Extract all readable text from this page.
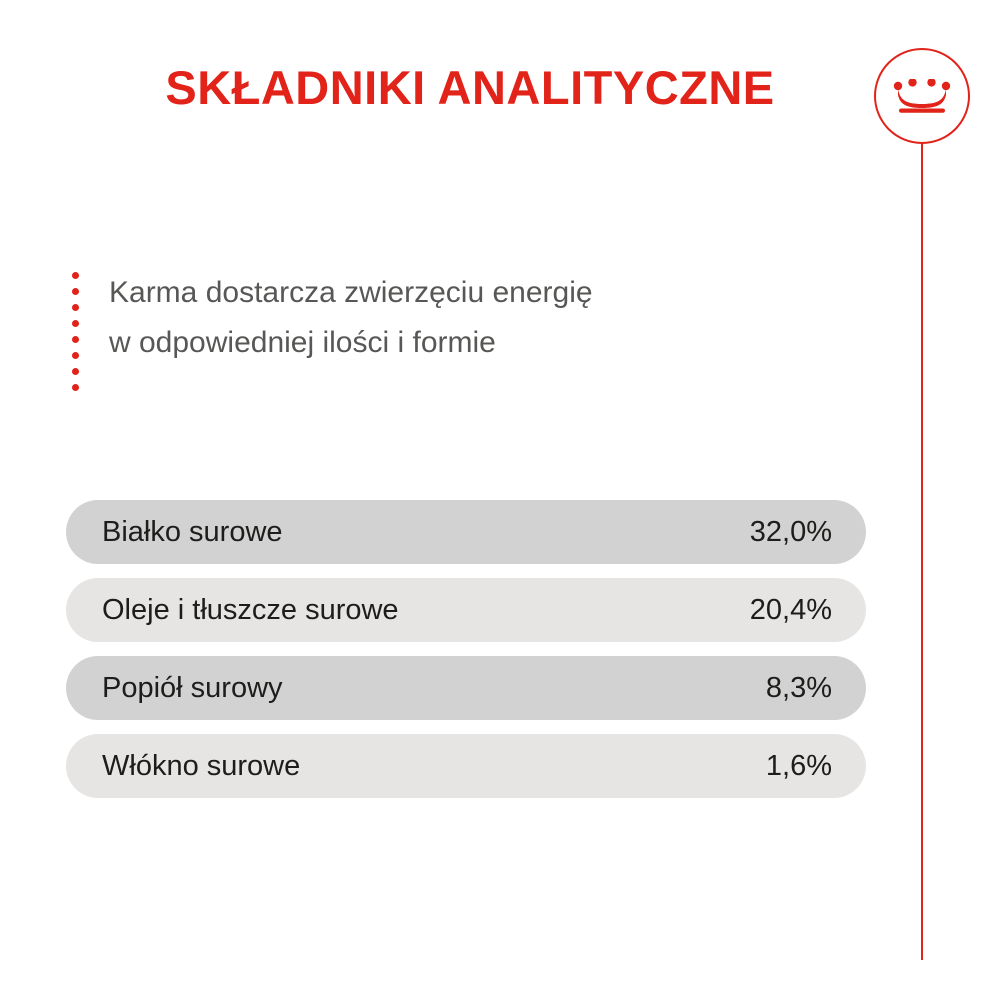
SKŁADNIKI ANALITYCZNE
Karma dostarcza zwierzęciu energię
w odpowiedniej ilości i formie
Białko surowe	32,0%
Oleje i tłuszcze surowe	20,4%
Popiół surowy	8,3%
Włókno surowe	1,6%
